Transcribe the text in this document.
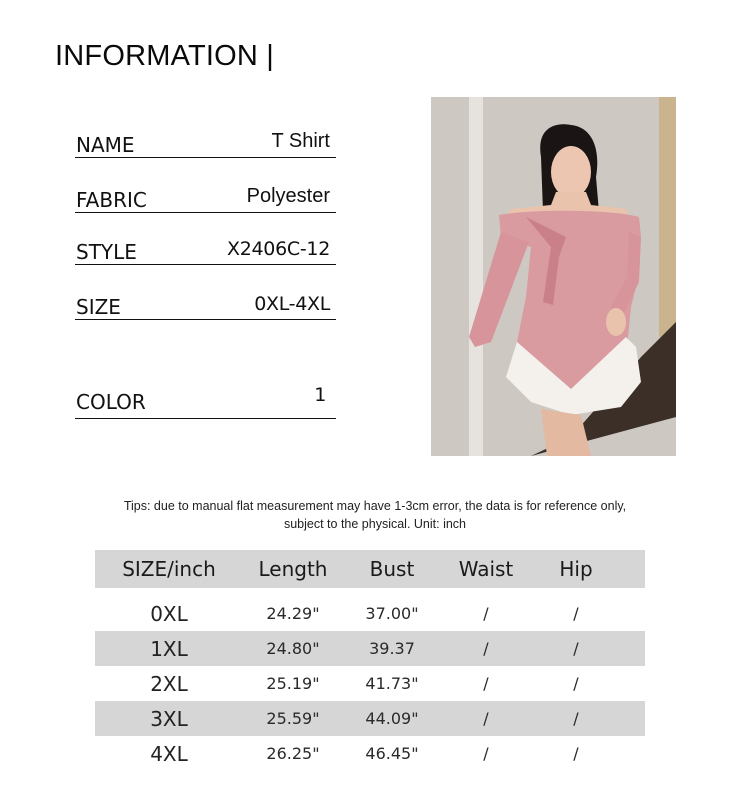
INFORMATION |
NAME	T Shirt
FABRIC	Polyester
STYLE	X2406C-12
SIZE	0XL-4XL
COLOR	1
Tips: due to manual flat measurement may have 1-3cm error, the data is for reference only,
subject to the physical. Unit: inch
SIZE/inch	Length	Bust	Waist	Hip	

0XL	24.29"	37.00"	/	/	
1XL	24.80"	39.37	/	/	
2XL	25.19"	41.73"	/	/	
3XL	25.59"	44.09"	/	/	
4XL	26.25"	46.45"	/	/	
